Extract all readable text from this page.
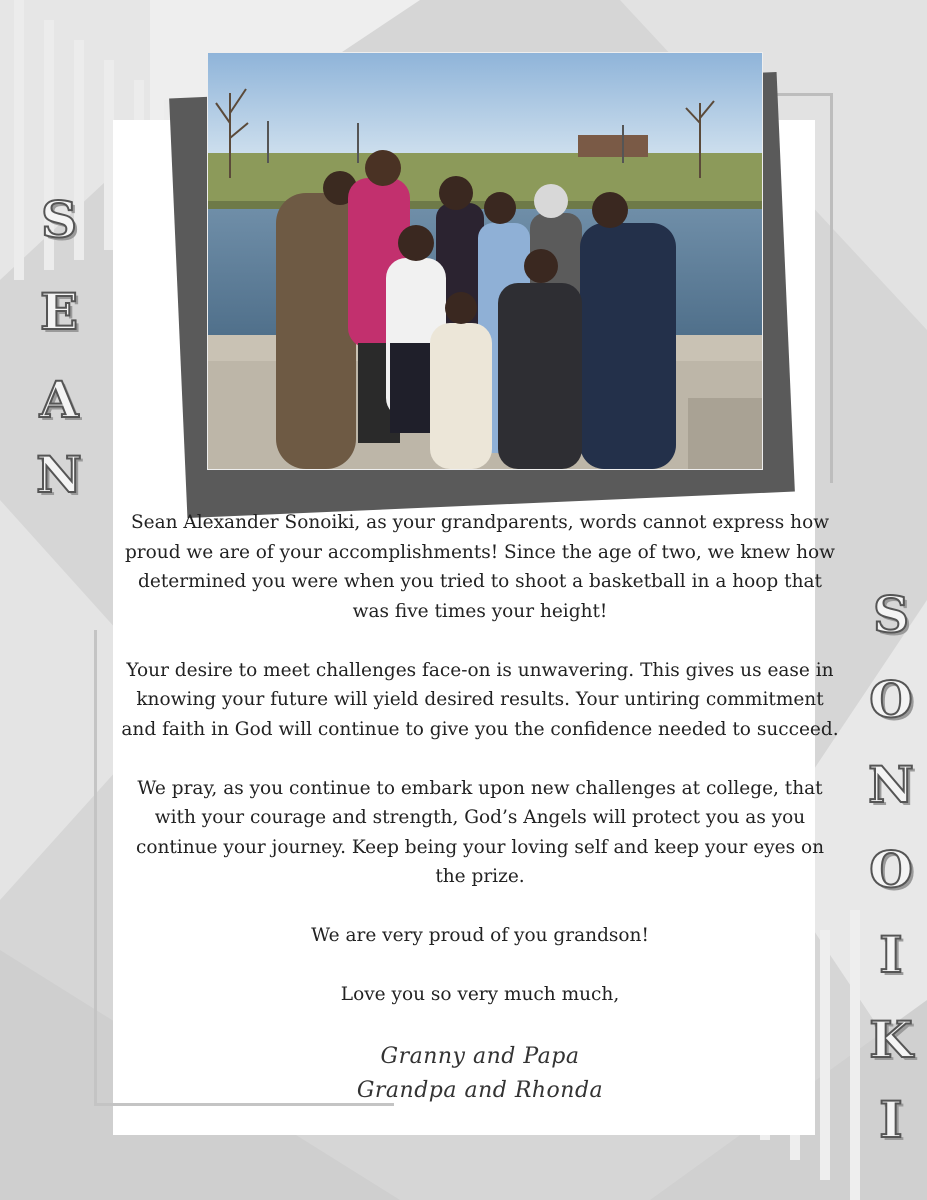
S
E
A
N
S
O
N
O
I
K
I

Sean Alexander Sonoiki, as your grandparents, words cannot express how proud we are of your accomplishments! Since the age of two, we knew how determined you were when you tried to shoot a basketball in a hoop that was five times your height!

Your desire to meet challenges face-on is unwavering. This gives us ease in knowing your future will yield desired results. Your untiring commitment and faith in God will continue to give you the confidence needed to succeed.

We pray, as you continue to embark upon new challenges at college, that with your courage and strength, God’s Angels will protect you as you continue your journey. Keep being your loving self and keep your eyes on the prize.

We are very proud of you grandson!

Love you so very much much,

Granny and Papa
Grandpa and Rhonda
